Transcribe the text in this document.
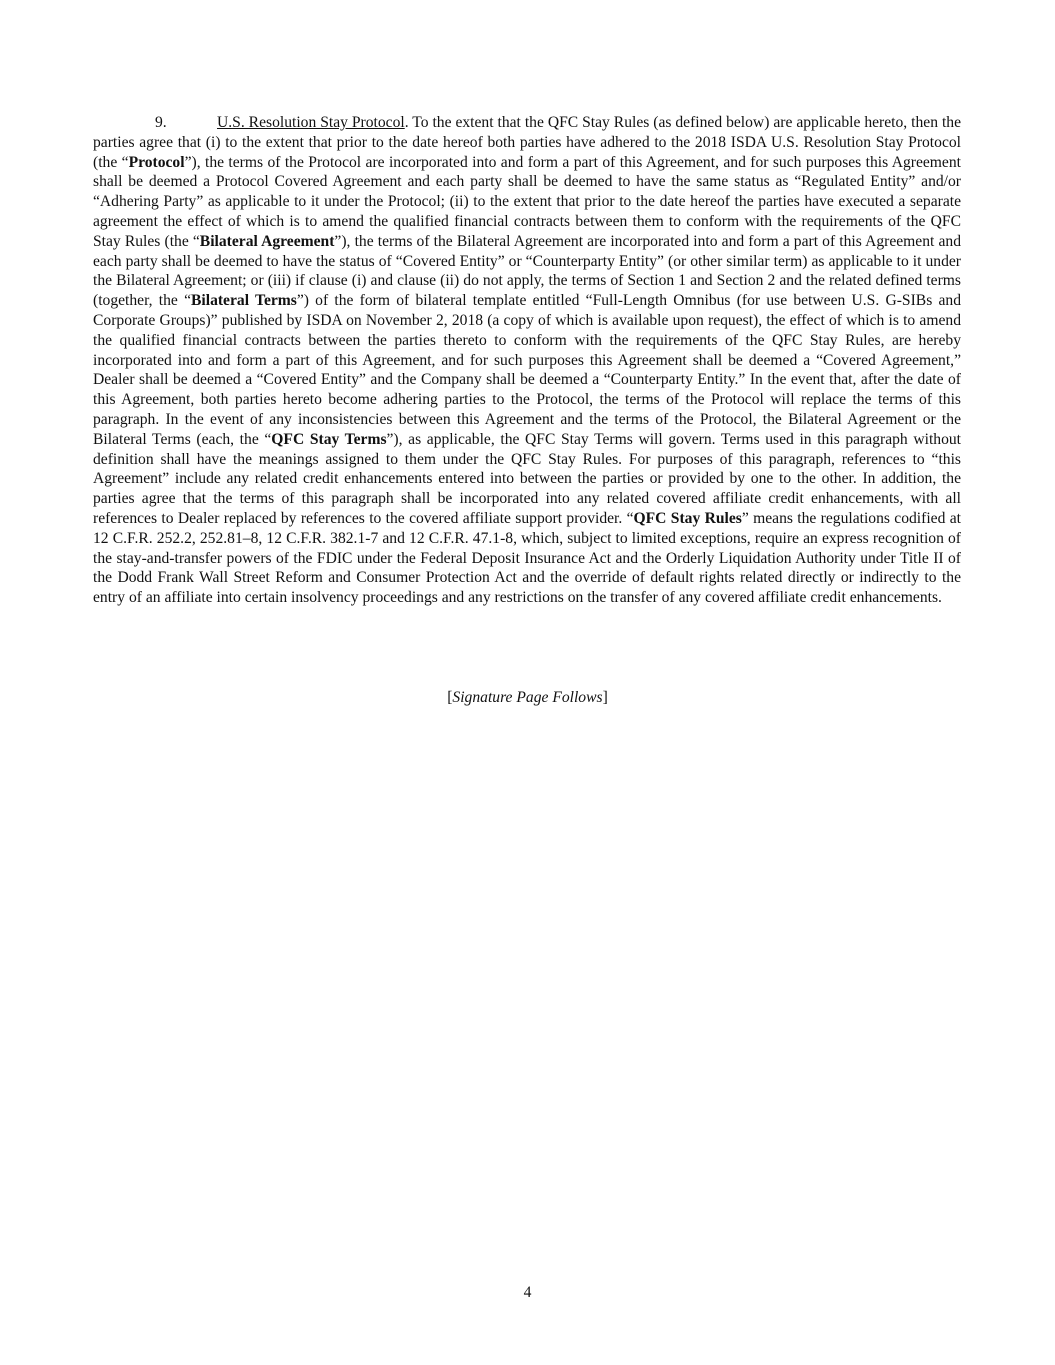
9.	U.S. Resolution Stay Protocol. To the extent that the QFC Stay Rules (as defined below) are applicable hereto, then the parties agree that (i) to the extent that prior to the date hereof both parties have adhered to the 2018 ISDA U.S. Resolution Stay Protocol (the “Protocol”), the terms of the Protocol are incorporated into and form a part of this Agreement, and for such purposes this Agreement shall be deemed a Protocol Covered Agreement and each party shall be deemed to have the same status as “Regulated Entity” and/or “Adhering Party” as applicable to it under the Protocol; (ii) to the extent that prior to the date hereof the parties have executed a separate agreement the effect of which is to amend the qualified financial contracts between them to conform with the requirements of the QFC Stay Rules (the “Bilateral Agreement”), the terms of the Bilateral Agreement are incorporated into and form a part of this Agreement and each party shall be deemed to have the status of “Covered Entity” or “Counterparty Entity” (or other similar term) as applicable to it under the Bilateral Agreement; or (iii) if clause (i) and clause (ii) do not apply, the terms of Section 1 and Section 2 and the related defined terms (together, the “Bilateral Terms”) of the form of bilateral template entitled “Full-Length Omnibus (for use between U.S. G-SIBs and Corporate Groups)” published by ISDA on November 2, 2018 (a copy of which is available upon request), the effect of which is to amend the qualified financial contracts between the parties thereto to conform with the requirements of the QFC Stay Rules, are hereby incorporated into and form a part of this Agreement, and for such purposes this Agreement shall be deemed a “Covered Agreement,” Dealer shall be deemed a “Covered Entity” and the Company shall be deemed a “Counterparty Entity.” In the event that, after the date of this Agreement, both parties hereto become adhering parties to the Protocol, the terms of the Protocol will replace the terms of this paragraph. In the event of any inconsistencies between this Agreement and the terms of the Protocol, the Bilateral Agreement or the Bilateral Terms (each, the “QFC Stay Terms”), as applicable, the QFC Stay Terms will govern. Terms used in this paragraph without definition shall have the meanings assigned to them under the QFC Stay Rules. For purposes of this paragraph, references to “this Agreement” include any related credit enhancements entered into between the parties or provided by one to the other. In addition, the parties agree that the terms of this paragraph shall be incorporated into any related covered affiliate credit enhancements, with all references to Dealer replaced by references to the covered affiliate support provider. “QFC Stay Rules” means the regulations codified at 12 C.F.R. 252.2, 252.81–8, 12 C.F.R. 382.1-7 and 12 C.F.R. 47.1-8, which, subject to limited exceptions, require an express recognition of the stay-and-transfer powers of the FDIC under the Federal Deposit Insurance Act and the Orderly Liquidation Authority under Title II of the Dodd Frank Wall Street Reform and Consumer Protection Act and the override of default rights related directly or indirectly to the entry of an affiliate into certain insolvency proceedings and any restrictions on the transfer of any covered affiliate credit enhancements.

[Signature Page Follows]
4
